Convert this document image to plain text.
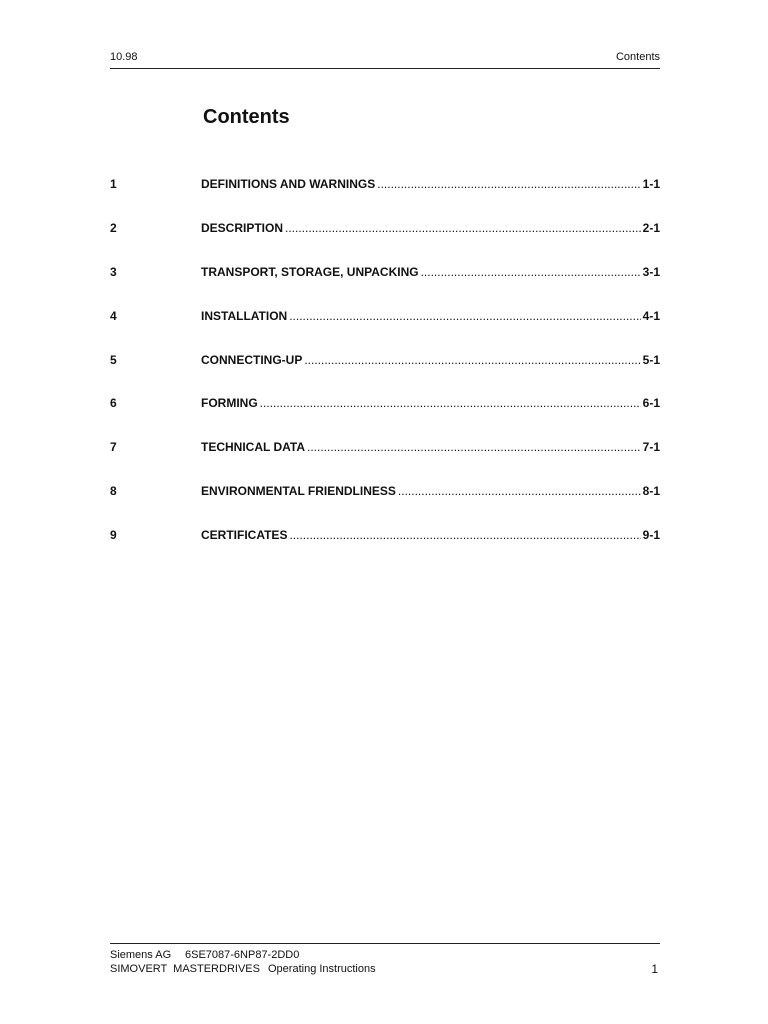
10.98	Contents
Contents
1	DEFINITIONS AND WARNINGS .....	1-1
2	DESCRIPTION .....	2-1
3	TRANSPORT, STORAGE, UNPACKING .....	3-1
4	INSTALLATION .....	4-1
5	CONNECTING-UP .....	5-1
6	FORMING .....	6-1
7	TECHNICAL DATA .....	7-1
8	ENVIRONMENTAL FRIENDLINESS .....	8-1
9	CERTIFICATES .....	9-1
Siemens AG 6SE7087-6NP87-2DD0
SIMOVERT  MASTERDRIVES Operating Instructions	1
